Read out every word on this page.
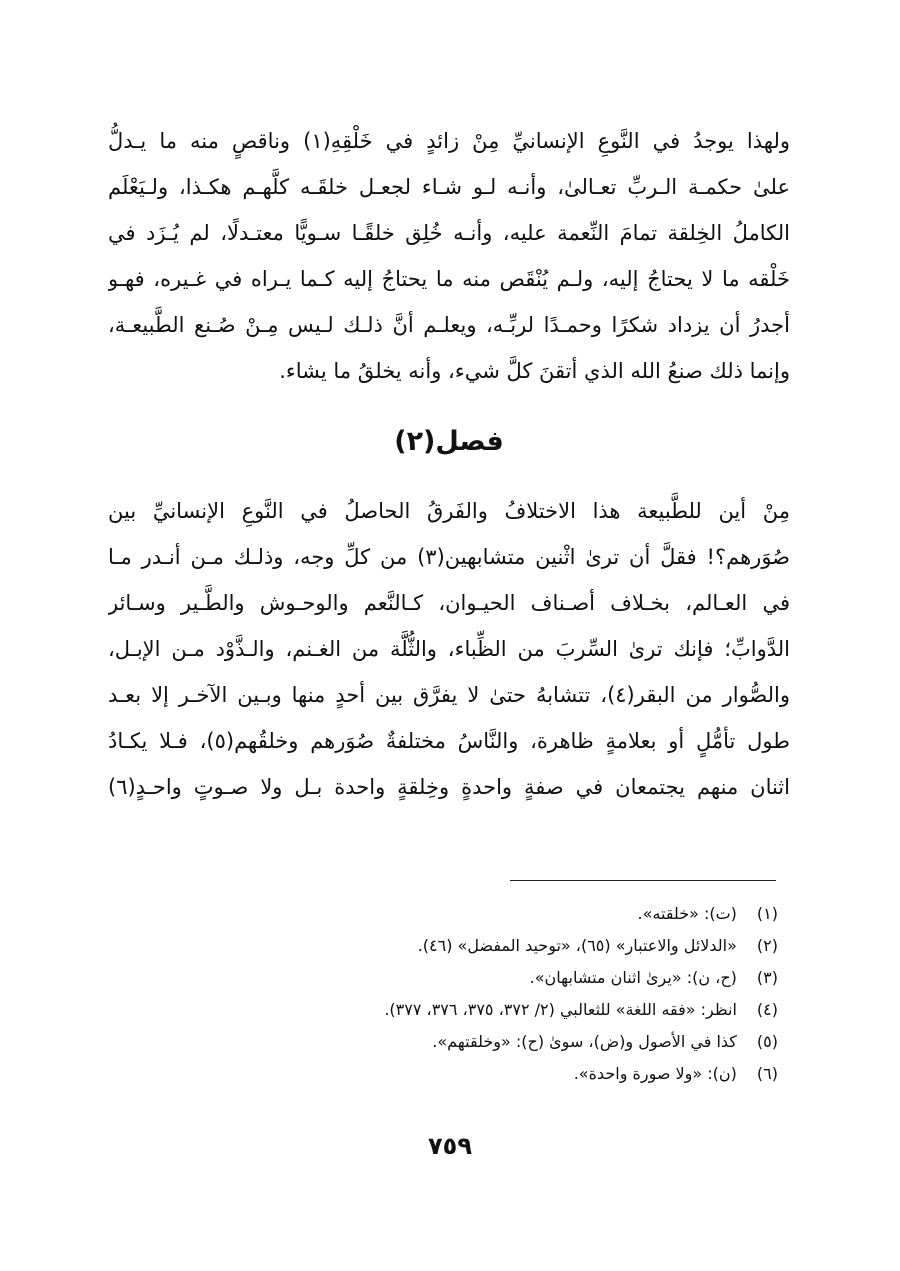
ولهذا يوجدُ في النَّوعِ الإنسانيِّ مِنْ زائدٍ في خَلْقِهِ(١) وناقصٍ منه ما يـدلُّ
علىٰ حكمـة الـربِّ تعـالىٰ، وأنـه لـو شـاء لجعـل خلقَـه كلَّهـم هكـذا، ولـيَعْلَم
الكاملُ الخِلقة تمامَ النِّعمة عليه، وأنـه خُلِق خلقًـا سـويًّا معتـدلًا، لم يُـزَد في
خَلْقه ما لا يحتاجُ إليه، ولـم يُنْقَص منه ما يحتاجُ إليه كـما يـراه في غـيره، فهـو
أجدرُ أن يزداد شكرًا وحمـدًا لربِّـه، ويعلـم أنَّ ذلـك لـيس مِـنْ صُـنع الطَّبيعـة،
وإنما ذلك صنعُ الله الذي أتقنَ كلَّ شيء، وأنه يخلقُ ما يشاء.
فصل(٢)
مِنْ أين للطَّبيعة هذا الاختلافُ والفَرقُ الحاصلُ في النَّوعِ الإنسانيِّ بين
صُوَرهم؟! فقلَّ أن ترىٰ اثْنين متشابهين(٣) من كلِّ وجه، وذلـك مـن أنـدر مـا
في العـالم، بخـلاف أصـناف الحيـوان، كـالنَّعم والوحـوش والطَّـير وسـائر
الدَّوابِّ؛ فإنك ترىٰ السِّربَ من الظِّباء، والثُّلَّة من الغـنم، والـذَّوْد مـن الإبـل،
والصُّوار من البقر(٤)، تتشابهُ حتىٰ لا يفرَّق بين أحدٍ منها وبـين الآخـر إلا بعـد
طول تأمُّلٍ أو بعلامةٍ ظاهرة، والنَّاسُ مختلفةٌ صُوَرهم وخلقُهم(٥)، فـلا يكـادُ
اثنان منهم يجتمعان في صفةٍ واحدةٍ وخِلقةٍ واحدة بـل ولا صـوتٍ واحـدٍ(٦)
(١) (ت): «خلقته».
(٢) «الدلائل والاعتبار» (٦٥)، «توحيد المفضل» (٤٦).
(٣) (ح، ن): «يرىٰ اثنان متشابهان».
(٤) انظر: «فقه اللغة» للثعالبي (٢/ ٣٧٢، ٣٧٥، ٣٧٦، ٣٧٧).
(٥) كذا في الأصول و(ض)، سوىٰ (ح): «وخلقتهم».
(٦) (ن): «ولا صورة واحدة».
٧٥٩
